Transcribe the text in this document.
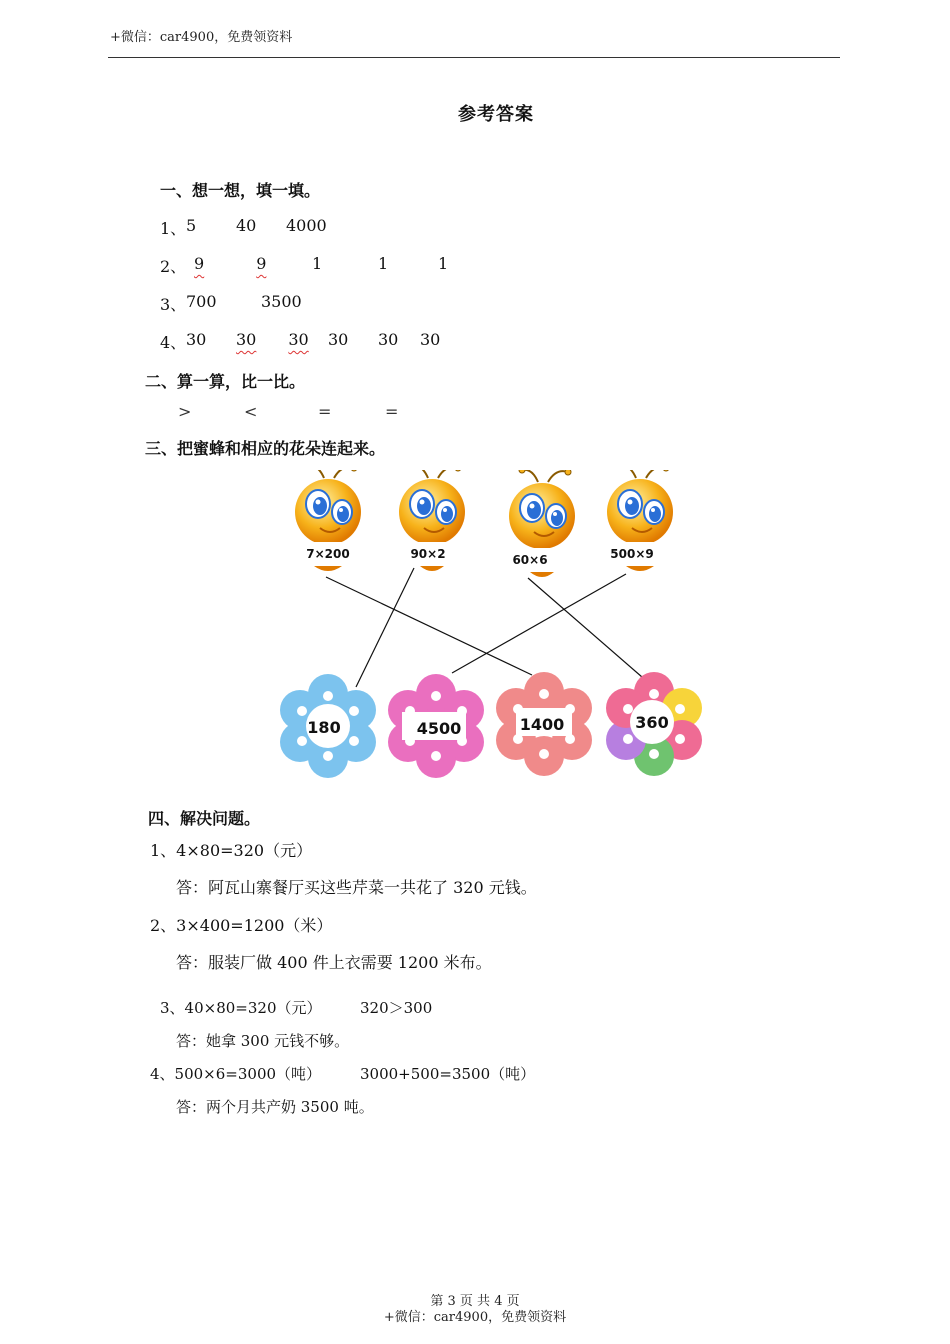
+微信：car4900，免费领资料
参考答案
一、想一想，填一填。
1、 5 40 4000
2、 9	9	1	1	1
3、 700	3500
4、 30	30 30 30 30 30
二、算一算，比一比。
>	<	=	=
三、把蜜蜂和相应的花朵连起来。
7×200	90×2	60×6	500×9
180	4500	1400	360
四、解决问题。
1、4×80=320（元）
答：阿瓦山寨餐厅买这些芹菜一共花了 320 元钱。
2、3×400=1200（米）
答：服装厂做 400 件上衣需要 1200 米布。
3、40×80=320（元）	320＞300
答：她拿 300 元钱不够。
4、500×6=3000（吨）	3000+500=3500（吨）
答：两个月共产奶 3500 吨。
第 3 页 共 4 页
+微信：car4900，免费领资料
